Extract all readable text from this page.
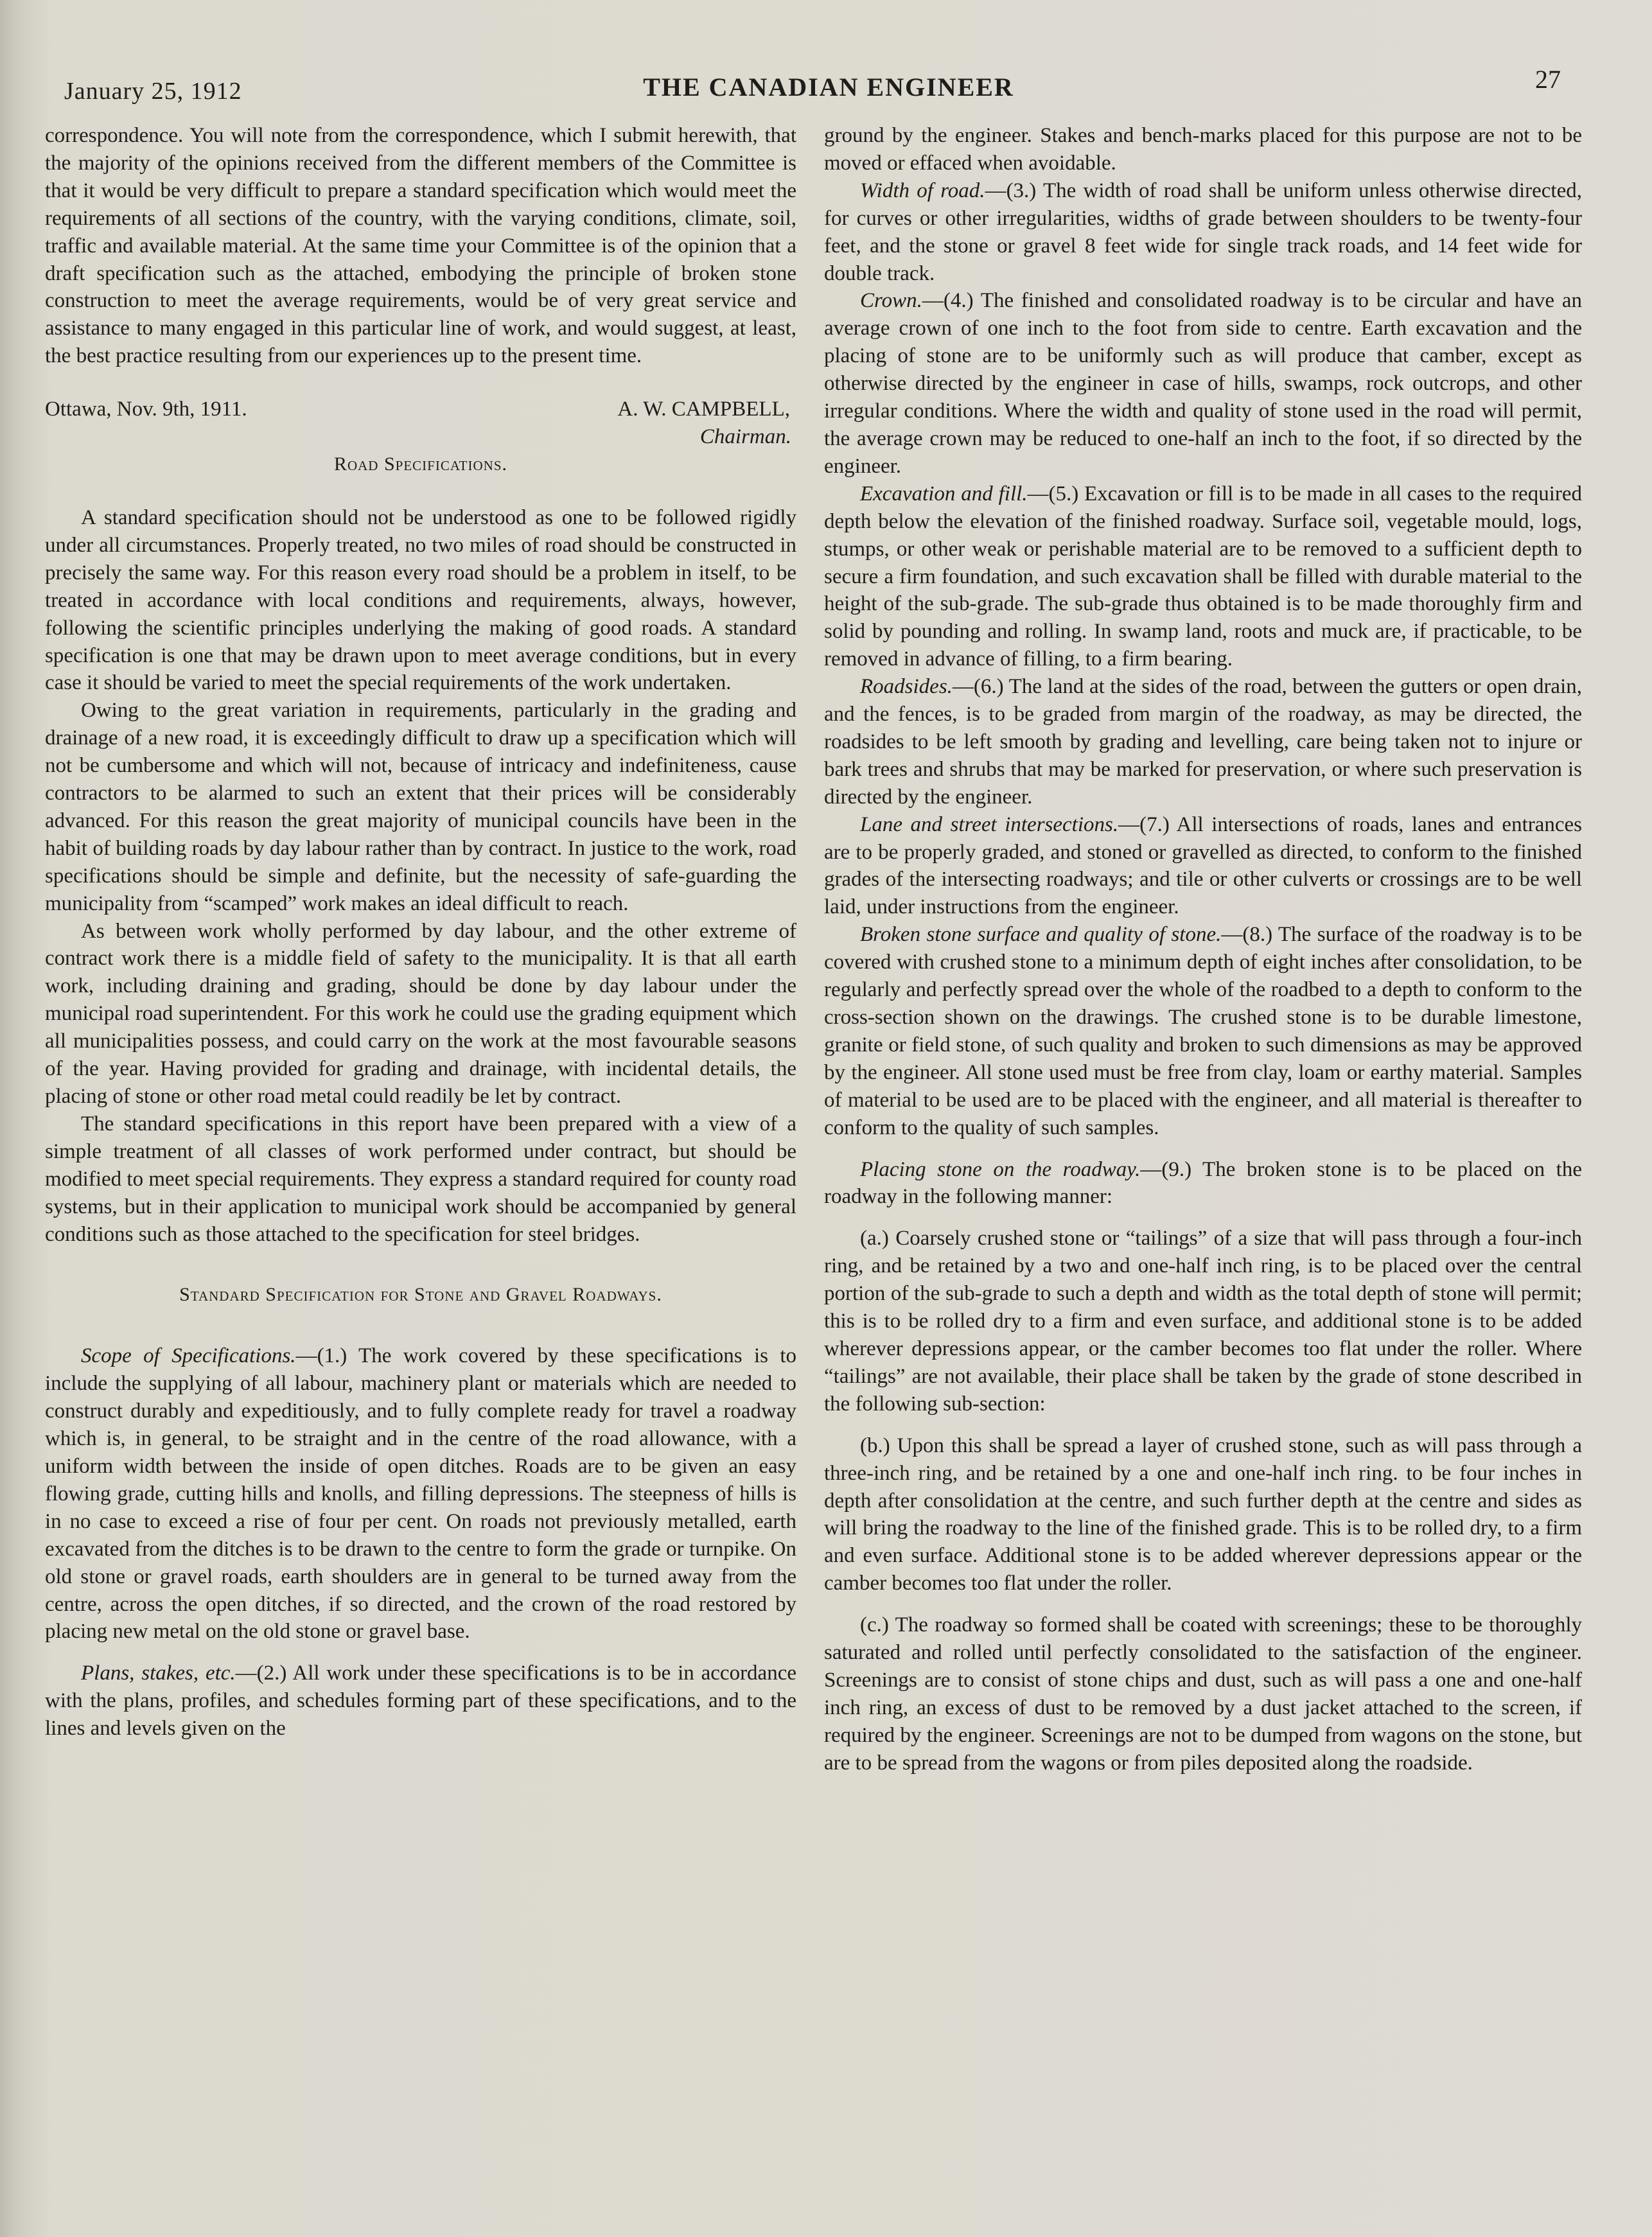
January 25, 1912	THE CANADIAN ENGINEER	27

correspondence. You will note from the correspondence, which I submit herewith, that the majority of the opinions received from the different members of the Committee is that it would be very difficult to prepare a standard specification which would meet the requirements of all sections of the country, with the varying conditions, climate, soil, traffic and available material. At the same time your Committee is of the opinion that a draft specification such as the attached, embodying the principle of broken stone construction to meet the average requirements, would be of very great service and assistance to many engaged in this particular line of work, and would suggest, at least, the best practice resulting from our experiences up to the present time.

Ottawa, Nov. 9th, 1911.	A. W. CAMPBELL,
Chairman.
Road Specifications.

A standard specification should not be understood as one to be followed rigidly under all circumstances. Properly treated, no two miles of road should be constructed in precisely the same way. For this reason every road should be a problem in itself, to be treated in accordance with local conditions and requirements, always, however, following the scientific principles underlying the making of good roads. A standard specification is one that may be drawn upon to meet average conditions, but in every case it should be varied to meet the special requirements of the work undertaken.

Owing to the great variation in requirements, particularly in the grading and drainage of a new road, it is exceedingly difficult to draw up a specification which will not be cumbersome and which will not, because of intricacy and indefiniteness, cause contractors to be alarmed to such an extent that their prices will be considerably advanced. For this reason the great majority of municipal councils have been in the habit of building roads by day labour rather than by contract. In justice to the work, road specifications should be simple and definite, but the necessity of safe-guarding the municipality from “scamped” work makes an ideal difficult to reach.

As between work wholly performed by day labour, and the other extreme of contract work there is a middle field of safety to the municipality. It is that all earth work, including draining and grading, should be done by day labour under the municipal road superintendent. For this work he could use the grading equipment which all municipalities possess, and could carry on the work at the most favourable seasons of the year. Having provided for grading and drainage, with incidental details, the placing of stone or other road metal could readily be let by contract.

The standard specifications in this report have been prepared with a view of a simple treatment of all classes of work performed under contract, but should be modified to meet special requirements. They express a standard required for county road systems, but in their application to municipal work should be accompanied by general conditions such as those attached to the specification for steel bridges.

Standard Specification for Stone and Gravel Roadways.

Scope of Specifications.—(1.) The work covered by these specifications is to include the supplying of all labour, machinery plant or materials which are needed to construct durably and expeditiously, and to fully complete ready for travel a roadway which is, in general, to be straight and in the centre of the road allowance, with a uniform width between the inside of open ditches. Roads are to be given an easy flowing grade, cutting hills and knolls, and filling depressions. The steepness of hills is in no case to exceed a rise of four per cent. On roads not previously metalled, earth excavated from the ditches is to be drawn to the centre to form the grade or turnpike. On old stone or gravel roads, earth shoulders are in general to be turned away from the centre, across the open ditches, if so directed, and the crown of the road restored by placing new metal on the old stone or gravel base.

Plans, stakes, etc.—(2.) All work under these specifications is to be in accordance with the plans, profiles, and schedules forming part of these specifications, and to the lines and levels given on the

ground by the engineer. Stakes and bench-marks placed for this purpose are not to be moved or effaced when avoidable.

Width of road.—(3.) The width of road shall be uniform unless otherwise directed, for curves or other irregularities, widths of grade between shoulders to be twenty-four feet, and the stone or gravel 8 feet wide for single track roads, and 14 feet wide for double track.

Crown.—(4.) The finished and consolidated roadway is to be circular and have an average crown of one inch to the foot from side to centre. Earth excavation and the placing of stone are to be uniformly such as will produce that camber, except as otherwise directed by the engineer in case of hills, swamps, rock outcrops, and other irregular conditions. Where the width and quality of stone used in the road will permit, the average crown may be reduced to one-half an inch to the foot, if so directed by the engineer.

Excavation and fill.—(5.) Excavation or fill is to be made in all cases to the required depth below the elevation of the finished roadway. Surface soil, vegetable mould, logs, stumps, or other weak or perishable material are to be removed to a sufficient depth to secure a firm foundation, and such excavation shall be filled with durable material to the height of the sub-grade. The sub-grade thus obtained is to be made thoroughly firm and solid by pounding and rolling. In swamp land, roots and muck are, if practicable, to be removed in advance of filling, to a firm bearing.

Roadsides.—(6.) The land at the sides of the road, between the gutters or open drain, and the fences, is to be graded from margin of the roadway, as may be directed, the roadsides to be left smooth by grading and levelling, care being taken not to injure or bark trees and shrubs that may be marked for preservation, or where such preservation is directed by the engineer.

Lane and street intersections.—(7.) All intersections of roads, lanes and entrances are to be properly graded, and stoned or gravelled as directed, to conform to the finished grades of the intersecting roadways; and tile or other culverts or crossings are to be well laid, under instructions from the engineer.

Broken stone surface and quality of stone.—(8.) The surface of the roadway is to be covered with crushed stone to a minimum depth of eight inches after consolidation, to be regularly and perfectly spread over the whole of the roadbed to a depth to conform to the cross-section shown on the drawings. The crushed stone is to be durable limestone, granite or field stone, of such quality and broken to such dimensions as may be approved by the engineer. All stone used must be free from clay, loam or earthy material. Samples of material to be used are to be placed with the engineer, and all material is thereafter to conform to the quality of such samples.

Placing stone on the roadway.—(9.) The broken stone is to be placed on the roadway in the following manner:

(a.) Coarsely crushed stone or “tailings” of a size that will pass through a four-inch ring, and be retained by a two and one-half inch ring, is to be placed over the central portion of the sub-grade to such a depth and width as the total depth of stone will permit; this is to be rolled dry to a firm and even surface, and additional stone is to be added wherever depressions appear, or the camber becomes too flat under the roller. Where “tailings” are not available, their place shall be taken by the grade of stone described in the following sub-section:

(b.) Upon this shall be spread a layer of crushed stone, such as will pass through a three-inch ring, and be retained by a one and one-half inch ring. to be four inches in depth after consolidation at the centre, and such further depth at the centre and sides as will bring the roadway to the line of the finished grade. This is to be rolled dry, to a firm and even surface. Additional stone is to be added wherever depressions appear or the camber becomes too flat under the roller.

(c.) The roadway so formed shall be coated with screenings; these to be thoroughly saturated and rolled until perfectly consolidated to the satisfaction of the engineer. Screenings are to consist of stone chips and dust, such as will pass a one and one-half inch ring, an excess of dust to be removed by a dust jacket attached to the screen, if required by the engineer. Screenings are not to be dumped from wagons on the stone, but are to be spread from the wagons or from piles deposited along the roadside.
